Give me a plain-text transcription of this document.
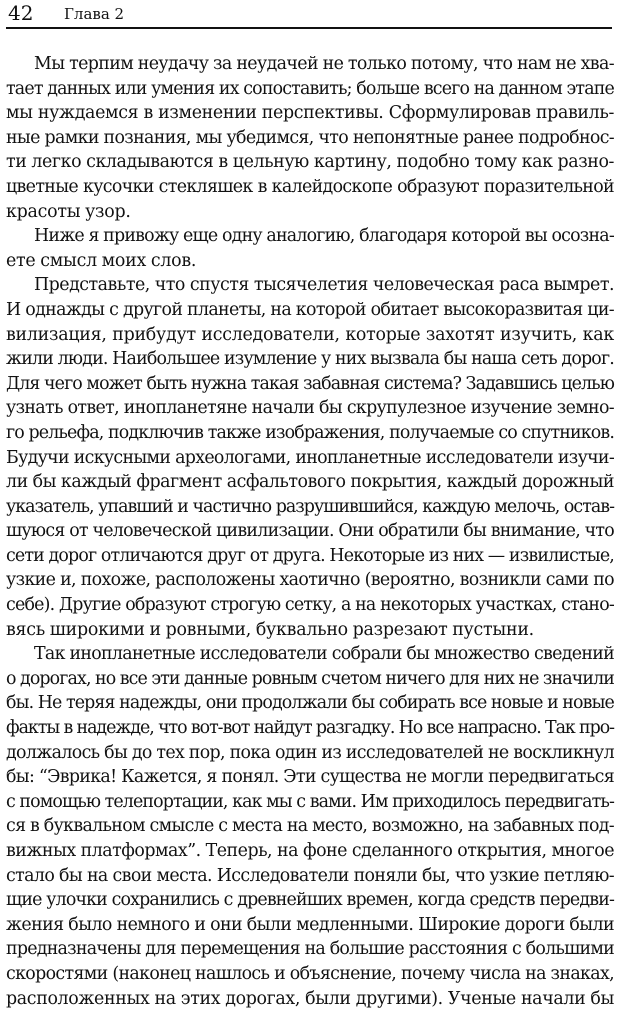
42 Глава 2
Мы терпим неудачу за неудачей не только потому, что нам не хва-
тает данных или умения их сопоставить; больше всего на данном этапе
мы нуждаемся в изменении перспективы. Сформулировав правиль-
ные рамки познания, мы убедимся, что непонятные ранее подробнос-
ти легко складываются в цельную картину, подобно тому как разно-
цветные кусочки стекляшек в калейдоскопе образуют поразительной
красоты узор.
Ниже я привожу еще одну аналогию, благодаря которой вы осозна-
ете смысл моих слов.
Представьте, что спустя тысячелетия человеческая раса вымрет.
И однажды с другой планеты, на которой обитает высокоразвитая ци-
вилизация, прибудут исследователи, которые захотят изучить, как
жили люди. Наибольшее изумление у них вызвала бы наша сеть дорог.
Для чего может быть нужна такая забавная система? Задавшись целью
узнать ответ, инопланетяне начали бы скрупулезное изучение земно-
го рельефа, подключив также изображения, получаемые со спутников.
Будучи искусными археологами, инопланетные исследователи изучи-
ли бы каждый фрагмент асфальтового покрытия, каждый дорожный
указатель, упавший и частично разрушившийся, каждую мелочь, остав-
шуюся от человеческой цивилизации. Они обратили бы внимание, что
сети дорог отличаются друг от друга. Некоторые из них — извилистые,
узкие и, похоже, расположены хаотично (вероятно, возникли сами по
себе). Другие образуют строгую сетку, а на некоторых участках, стано-
вясь широкими и ровными, буквально разрезают пустыни.
Так инопланетные исследователи собрали бы множество сведений
о дорогах, но все эти данные ровным счетом ничего для них не значили
бы. Не теряя надежды, они продолжали бы собирать все новые и новые
факты в надежде, что вот-вот найдут разгадку. Но все напрасно. Так про-
должалось бы до тех пор, пока один из исследователей не воскликнул
бы: “Эврика! Кажется, я понял. Эти существа не могли передвигаться
с помощью телепортации, как мы с вами. Им приходилось передвигать-
ся в буквальном смысле с места на место, возможно, на забавных под-
вижных платформах”. Теперь, на фоне сделанного открытия, многое
стало бы на свои места. Исследователи поняли бы, что узкие петляю-
щие улочки сохранились с древнейших времен, когда средств передви-
жения было немного и они были медленными. Широкие дороги были
предназначены для перемещения на большие расстояния с большими
скоростями (наконец нашлось и объяснение, почему числа на знаках,
расположенных на этих дорогах, были другими). Ученые начали бы
